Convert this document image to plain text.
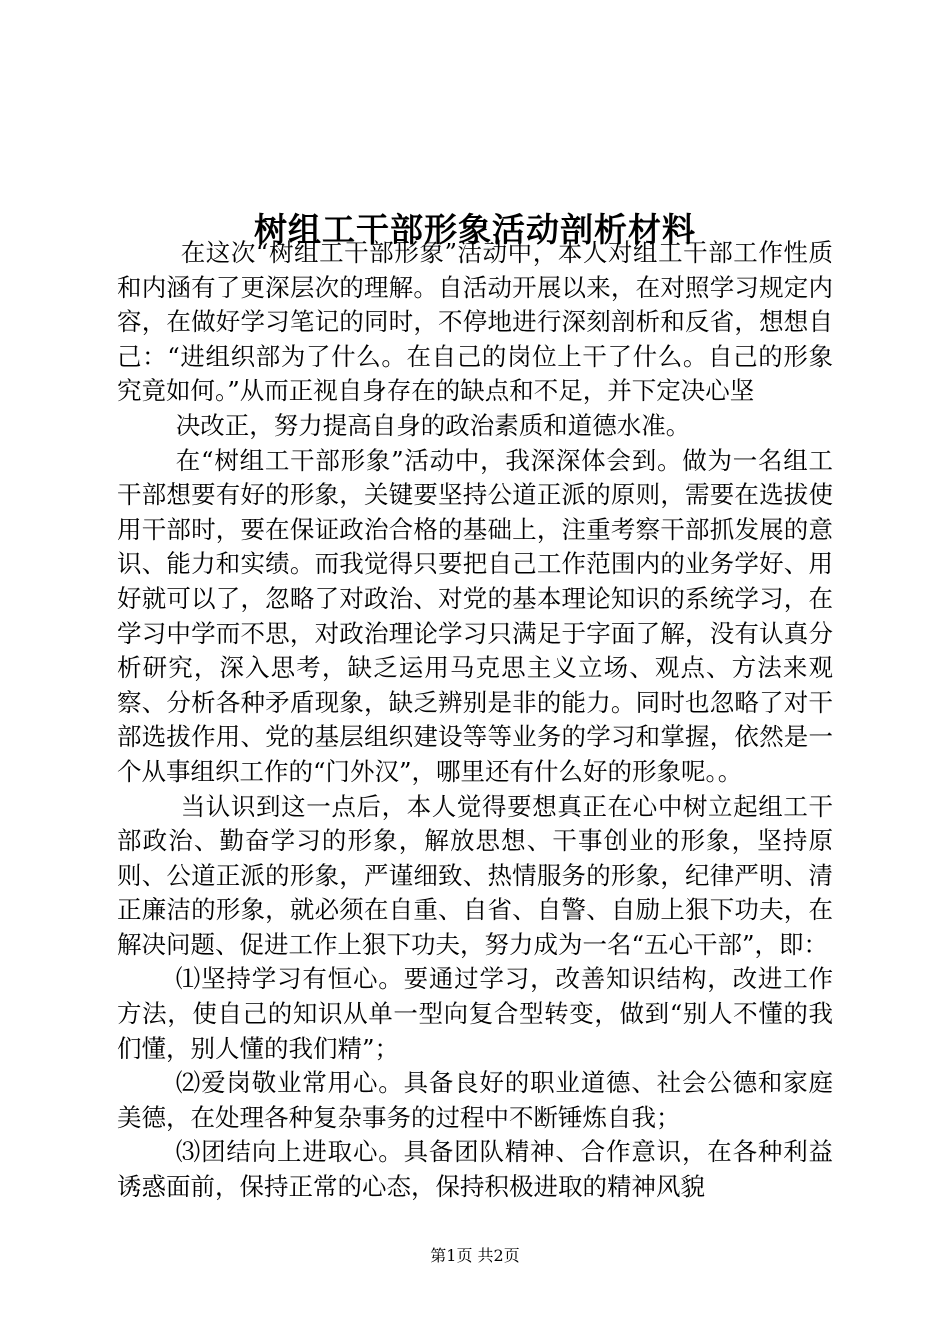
树组工干部形象活动剖析材料

在这次“树组工干部形象”活动中，本人对组工干部工作性质和内涵有了更深层次的理解。自活动开展以来，在对照学习规定内容，在做好学习笔记的同时，不停地进行深刻剖析和反省，想想自己：“进组织部为了什么。在自己的岗位上干了什么。自己的形象究竟如何。”从而正视自身存在的缺点和不足，并下定决心坚

决改正，努力提高自身的政治素质和道德水准。

在“树组工干部形象”活动中，我深深体会到。做为一名组工干部想要有好的形象，关键要坚持公道正派的原则，需要在选拔使用干部时，要在保证政治合格的基础上，注重考察干部抓发展的意识、能力和实绩。而我觉得只要把自己工作范围内的业务学好、用好就可以了，忽略了对政治、对党的基本理论知识的系统学习，在学习中学而不思，对政治理论学习只满足于字面了解，没有认真分析研究，深入思考，缺乏运用马克思主义立场、观点、方法来观察、分析各种矛盾现象，缺乏辨别是非的能力。同时也忽略了对干部选拔作用、党的基层组织建设等等业务的学习和掌握，依然是一个从事组织工作的“门外汉”，哪里还有什么好的形象呢。。

当认识到这一点后，本人觉得要想真正在心中树立起组工干部政治、勤奋学习的形象，解放思想、干事创业的形象，坚持原则、公道正派的形象，严谨细致、热情服务的形象，纪律严明、清正廉洁的形象，就必须在自重、自省、自警、自励上狠下功夫，在解决问题、促进工作上狠下功夫，努力成为一名“五心干部”，即：

⑴坚持学习有恒心。要通过学习，改善知识结构，改进工作方法，使自己的知识从单一型向复合型转变，做到“别人不懂的我们懂，别人懂的我们精”；

⑵爱岗敬业常用心。具备良好的职业道德、社会公德和家庭美德，在处理各种复杂事务的过程中不断锤炼自我；

⑶团结向上进取心。具备团队精神、合作意识，在各种利益诱惑面前，保持正常的心态，保持积极进取的精神风貌

第1页 共2页
